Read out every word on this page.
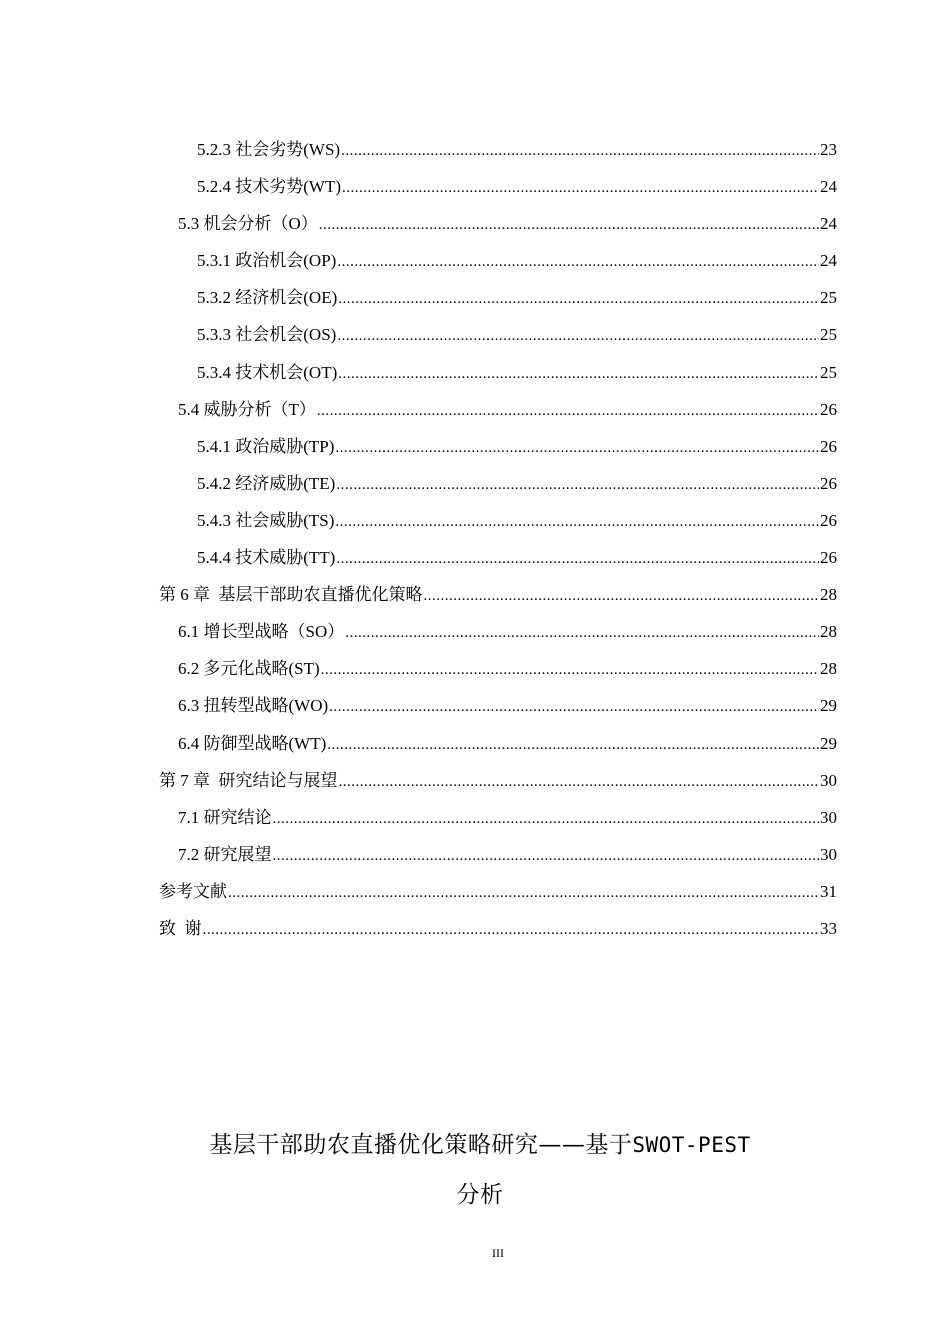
5.2.3 社会劣势(WS) .....	23
5.2.4 技术劣势(WT) .....	24
5.3 机会分析（O） .....	24
5.3.1 政治机会(OP) .....	24
5.3.2 经济机会(OE) .....	25
5.3.3 社会机会(OS) .....	25
5.3.4 技术机会(OT) .....	25
5.4 威胁分析（T） .....	26
5.4.1 政治威胁(TP) .....	26
5.4.2 经济威胁(TE) .....	26
5.4.3 社会威胁(TS) .....	26
5.4.4 技术威胁(TT) .....	26
第 6 章  基层干部助农直播优化策略 .....	28
6.1 增长型战略（SO） .....	28
6.2 多元化战略(ST) .....	28
6.3 扭转型战略(WO) .....	29
6.4 防御型战略(WT) .....	29
第 7 章  研究结论与展望 .....	30
7.1 研究结论 .....	30
7.2 研究展望 .....	30
参考文献 .....	31
致  谢 .....	33
基层干部助农直播优化策略研究——基于SWOT-PEST
分析
III
